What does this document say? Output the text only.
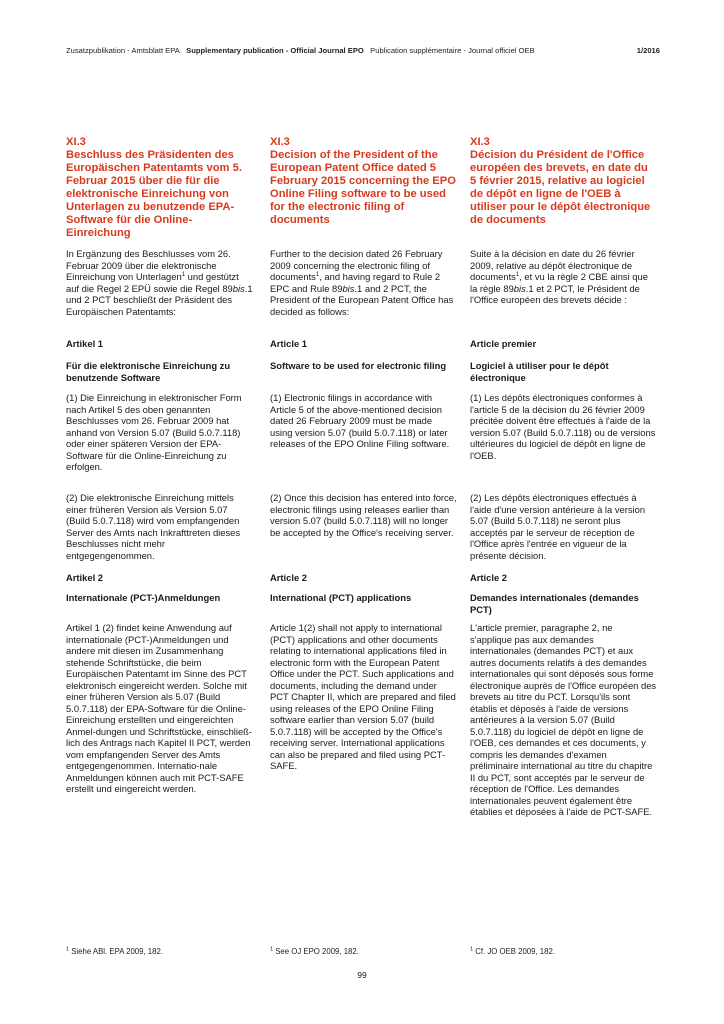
Zusatzpublikation - Amtsblatt EPA Supplementary publication - Official Journal EPO Publication supplémentaire - Journal officiel OEB	1/2016
XI.3
Beschluss des Präsidenten des Europäischen Patentamts vom 5. Februar 2015 über die für die elektronische Einreichung von Unterlagen zu benutzende EPA-Software für die Online-Einreichung

In Ergänzung des Beschlusses vom 26. Februar 2009 über die elektronische Einreichung von Unterlagen$^1$ und gestützt auf die Regel 2 EPÜ sowie die Regel 89bis.1 und 2 PCT beschließt der Präsident des Europäischen Patentamts:

Artikel 1

Für die elektronische Einreichung zu benutzende Software

(1) Die Einreichung in elektronischer Form nach Artikel 5 des oben genannten Beschlusses vom 26. Februar 2009 hat anhand von Version 5.07 (Build 5.0.7.118) oder einer späteren Version der EPA-Software für die Online-Einreichung zu erfolgen.

(2) Die elektronische Einreichung mittels einer früheren Version als Version 5.07 (Build 5.0.7.118) wird vom empfangenden Server des Amts nach Inkrafttreten dieses Beschlusses nicht mehr entgegengenommen.

Artikel 2

Internationale (PCT-)Anmeldungen

Artikel 1 (2) findet keine Anwendung auf internationale (PCT-)Anmeldungen und andere mit diesen im Zusammenhang stehende Schriftstücke, die beim Europäischen Patentamt im Sinne des PCT elektronisch eingereicht werden. Solche mit einer früheren Version als 5.07 (Build 5.0.7.118) der EPA-Software für die Online-Einreichung erstellten und eingereichten Anmel-dungen und Schriftstücke, einschließ-lich des Antrags nach Kapitel II PCT, werden vom empfangenden Server des Amts entgegengenommen. Internatio-nale Anmeldungen können auch mit PCT-SAFE erstellt und eingereicht werden.

XI.3
Decision of the President of the European Patent Office dated 5 February 2015 concerning the EPO Online Filing software to be used for the electronic filing of documents

Further to the decision dated 26 February 2009 concerning the electronic filing of documents$^1$, and having regard to Rule 2 EPC and Rule 89bis.1 and 2 PCT, the President of the European Patent Office has decided as follows:

Article 1

Software to be used for electronic filing

(1) Electronic filings in accordance with Article 5 of the above-mentioned decision dated 26 February 2009 must be made using version 5.07 (build 5.0.7.118) or later releases of the EPO Online Filing software.

(2) Once this decision has entered into force, electronic filings using releases earlier than version 5.07 (build 5.0.7.118) will no longer be accepted by the Office's receiving server.

Article 2

International (PCT) applications

Article 1(2) shall not apply to international (PCT) applications and other documents relating to international applications filed in electronic form with the European Patent Office under the PCT. Such applications and documents, including the demand under PCT Chapter II, which are prepared and filed using releases of the EPO Online Filing software earlier than version 5.07 (build 5.0.7.118) will be accepted by the Office's receiving server. International applications can also be prepared and filed using PCT-SAFE.

XI.3
Décision du Président de l'Office européen des brevets, en date du 5 février 2015, relative au logiciel de dépôt en ligne de l'OEB à utiliser pour le dépôt électronique de documents

Suite à la décision en date du 26 février 2009, relative au dépôt électronique de documents$^1$, et vu la règle 2 CBE ainsi que la règle 89bis.1 et 2 PCT, le Président de l'Office européen des brevets décide :

Article premier

Logiciel à utiliser pour le dépôt électronique

(1) Les dépôts électroniques conformes à l'article 5 de la décision du 26 février 2009 précitée doivent être effectués à l'aide de la version 5.07 (Build 5.0.7.118) ou de versions ultérieures du logiciel de dépôt en ligne de l'OEB.

(2) Les dépôts électroniques effectués à l'aide d'une version antérieure à la version 5.07 (Build 5.0.7.118) ne seront plus acceptés par le serveur de réception de l'Office après l'entrée en vigueur de la présente décision.

Article 2

Demandes internationales (demandes PCT)

L'article premier, paragraphe 2, ne s'applique pas aux demandes internationales (demandes PCT) et aux autres documents relatifs à des demandes internationales qui sont déposés sous forme électronique auprès de l'Office européen des brevets au titre du PCT. Lorsqu'ils sont établis et déposés à l'aide de versions antérieures à la version 5.07 (Build 5.0.7.118) du logiciel de dépôt en ligne de l'OEB, ces demandes et ces documents, y compris les demandes d'examen préliminaire international au titre du chapitre II du PCT, sont acceptés par le serveur de réception de l'Office. Les demandes internationales peuvent également être établies et déposées à l'aide de PCT-SAFE.

$^1$ Siehe ABl. EPA 2009, 182.	$^1$ See OJ EPO 2009, 182.	$^1$ Cf. JO OEB 2009, 182.
99
